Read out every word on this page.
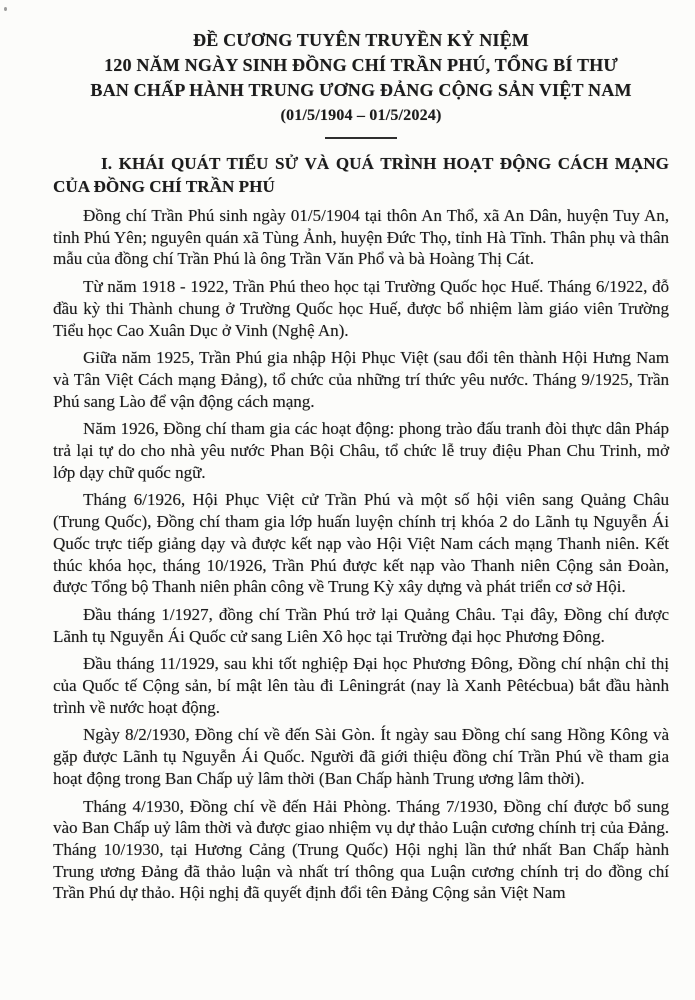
ĐỀ CƯƠNG TUYÊN TRUYỀN KỶ NIỆM
120 NĂM NGÀY SINH ĐỒNG CHÍ TRẦN PHÚ, TỔNG BÍ THƯ
BAN CHẤP HÀNH TRUNG ƯƠNG ĐẢNG CỘNG SẢN VIỆT NAM
(01/5/1904 – 01/5/2024)
I. KHÁI QUÁT TIỂU SỬ VÀ QUÁ TRÌNH HOẠT ĐỘNG CÁCH MẠNG CỦA ĐỒNG CHÍ TRẦN PHÚ

Đồng chí Trần Phú sinh ngày 01/5/1904 tại thôn An Thổ, xã An Dân, huyện Tuy An, tỉnh Phú Yên; nguyên quán xã Tùng Ảnh, huyện Đức Thọ, tỉnh Hà Tĩnh. Thân phụ và thân mẫu của đồng chí Trần Phú là ông Trần Văn Phổ và bà Hoàng Thị Cát.

Từ năm 1918 - 1922, Trần Phú theo học tại Trường Quốc học Huế. Tháng 6/1922, đỗ đầu kỳ thi Thành chung ở Trường Quốc học Huế, được bổ nhiệm làm giáo viên Trường Tiểu học Cao Xuân Dục ở Vinh (Nghệ An).

Giữa năm 1925, Trần Phú gia nhập Hội Phục Việt (sau đổi tên thành Hội Hưng Nam và Tân Việt Cách mạng Đảng), tổ chức của những trí thức yêu nước. Tháng 9/1925, Trần Phú sang Lào để vận động cách mạng.

Năm 1926, Đồng chí tham gia các hoạt động: phong trào đấu tranh đòi thực dân Pháp trả lại tự do cho nhà yêu nước Phan Bội Châu, tổ chức lễ truy điệu Phan Chu Trinh, mở lớp dạy chữ quốc ngữ.

Tháng 6/1926, Hội Phục Việt cử Trần Phú và một số hội viên sang Quảng Châu (Trung Quốc), Đồng chí tham gia lớp huấn luyện chính trị khóa 2 do Lãnh tụ Nguyễn Ái Quốc trực tiếp giảng dạy và được kết nạp vào Hội Việt Nam cách mạng Thanh niên. Kết thúc khóa học, tháng 10/1926, Trần Phú được kết nạp vào Thanh niên Cộng sản Đoàn, được Tổng bộ Thanh niên phân công về Trung Kỳ xây dựng và phát triển cơ sở Hội.

Đầu tháng 1/1927, đồng chí Trần Phú trở lại Quảng Châu. Tại đây, Đồng chí được Lãnh tụ Nguyễn Ái Quốc cử sang Liên Xô học tại Trường đại học Phương Đông.

Đầu tháng 11/1929, sau khi tốt nghiệp Đại học Phương Đông, Đồng chí nhận chỉ thị của Quốc tế Cộng sản, bí mật lên tàu đi Lêningrát (nay là Xanh Pêtécbua) bắt đầu hành trình về nước hoạt động.

Ngày 8/2/1930, Đồng chí về đến Sài Gòn. Ít ngày sau Đồng chí sang Hồng Kông và gặp được Lãnh tụ Nguyễn Ái Quốc. Người đã giới thiệu đồng chí Trần Phú về tham gia hoạt động trong Ban Chấp uỷ lâm thời (Ban Chấp hành Trung ương lâm thời).

Tháng 4/1930, Đồng chí về đến Hải Phòng. Tháng 7/1930, Đồng chí được bổ sung vào Ban Chấp uỷ lâm thời và được giao nhiệm vụ dự thảo Luận cương chính trị của Đảng. Tháng 10/1930, tại Hương Cảng (Trung Quốc) Hội nghị lần thứ nhất Ban Chấp hành Trung ương Đảng đã thảo luận và nhất trí thông qua Luận cương chính trị do đồng chí Trần Phú dự thảo. Hội nghị đã quyết định đổi tên Đảng Cộng sản Việt Nam
